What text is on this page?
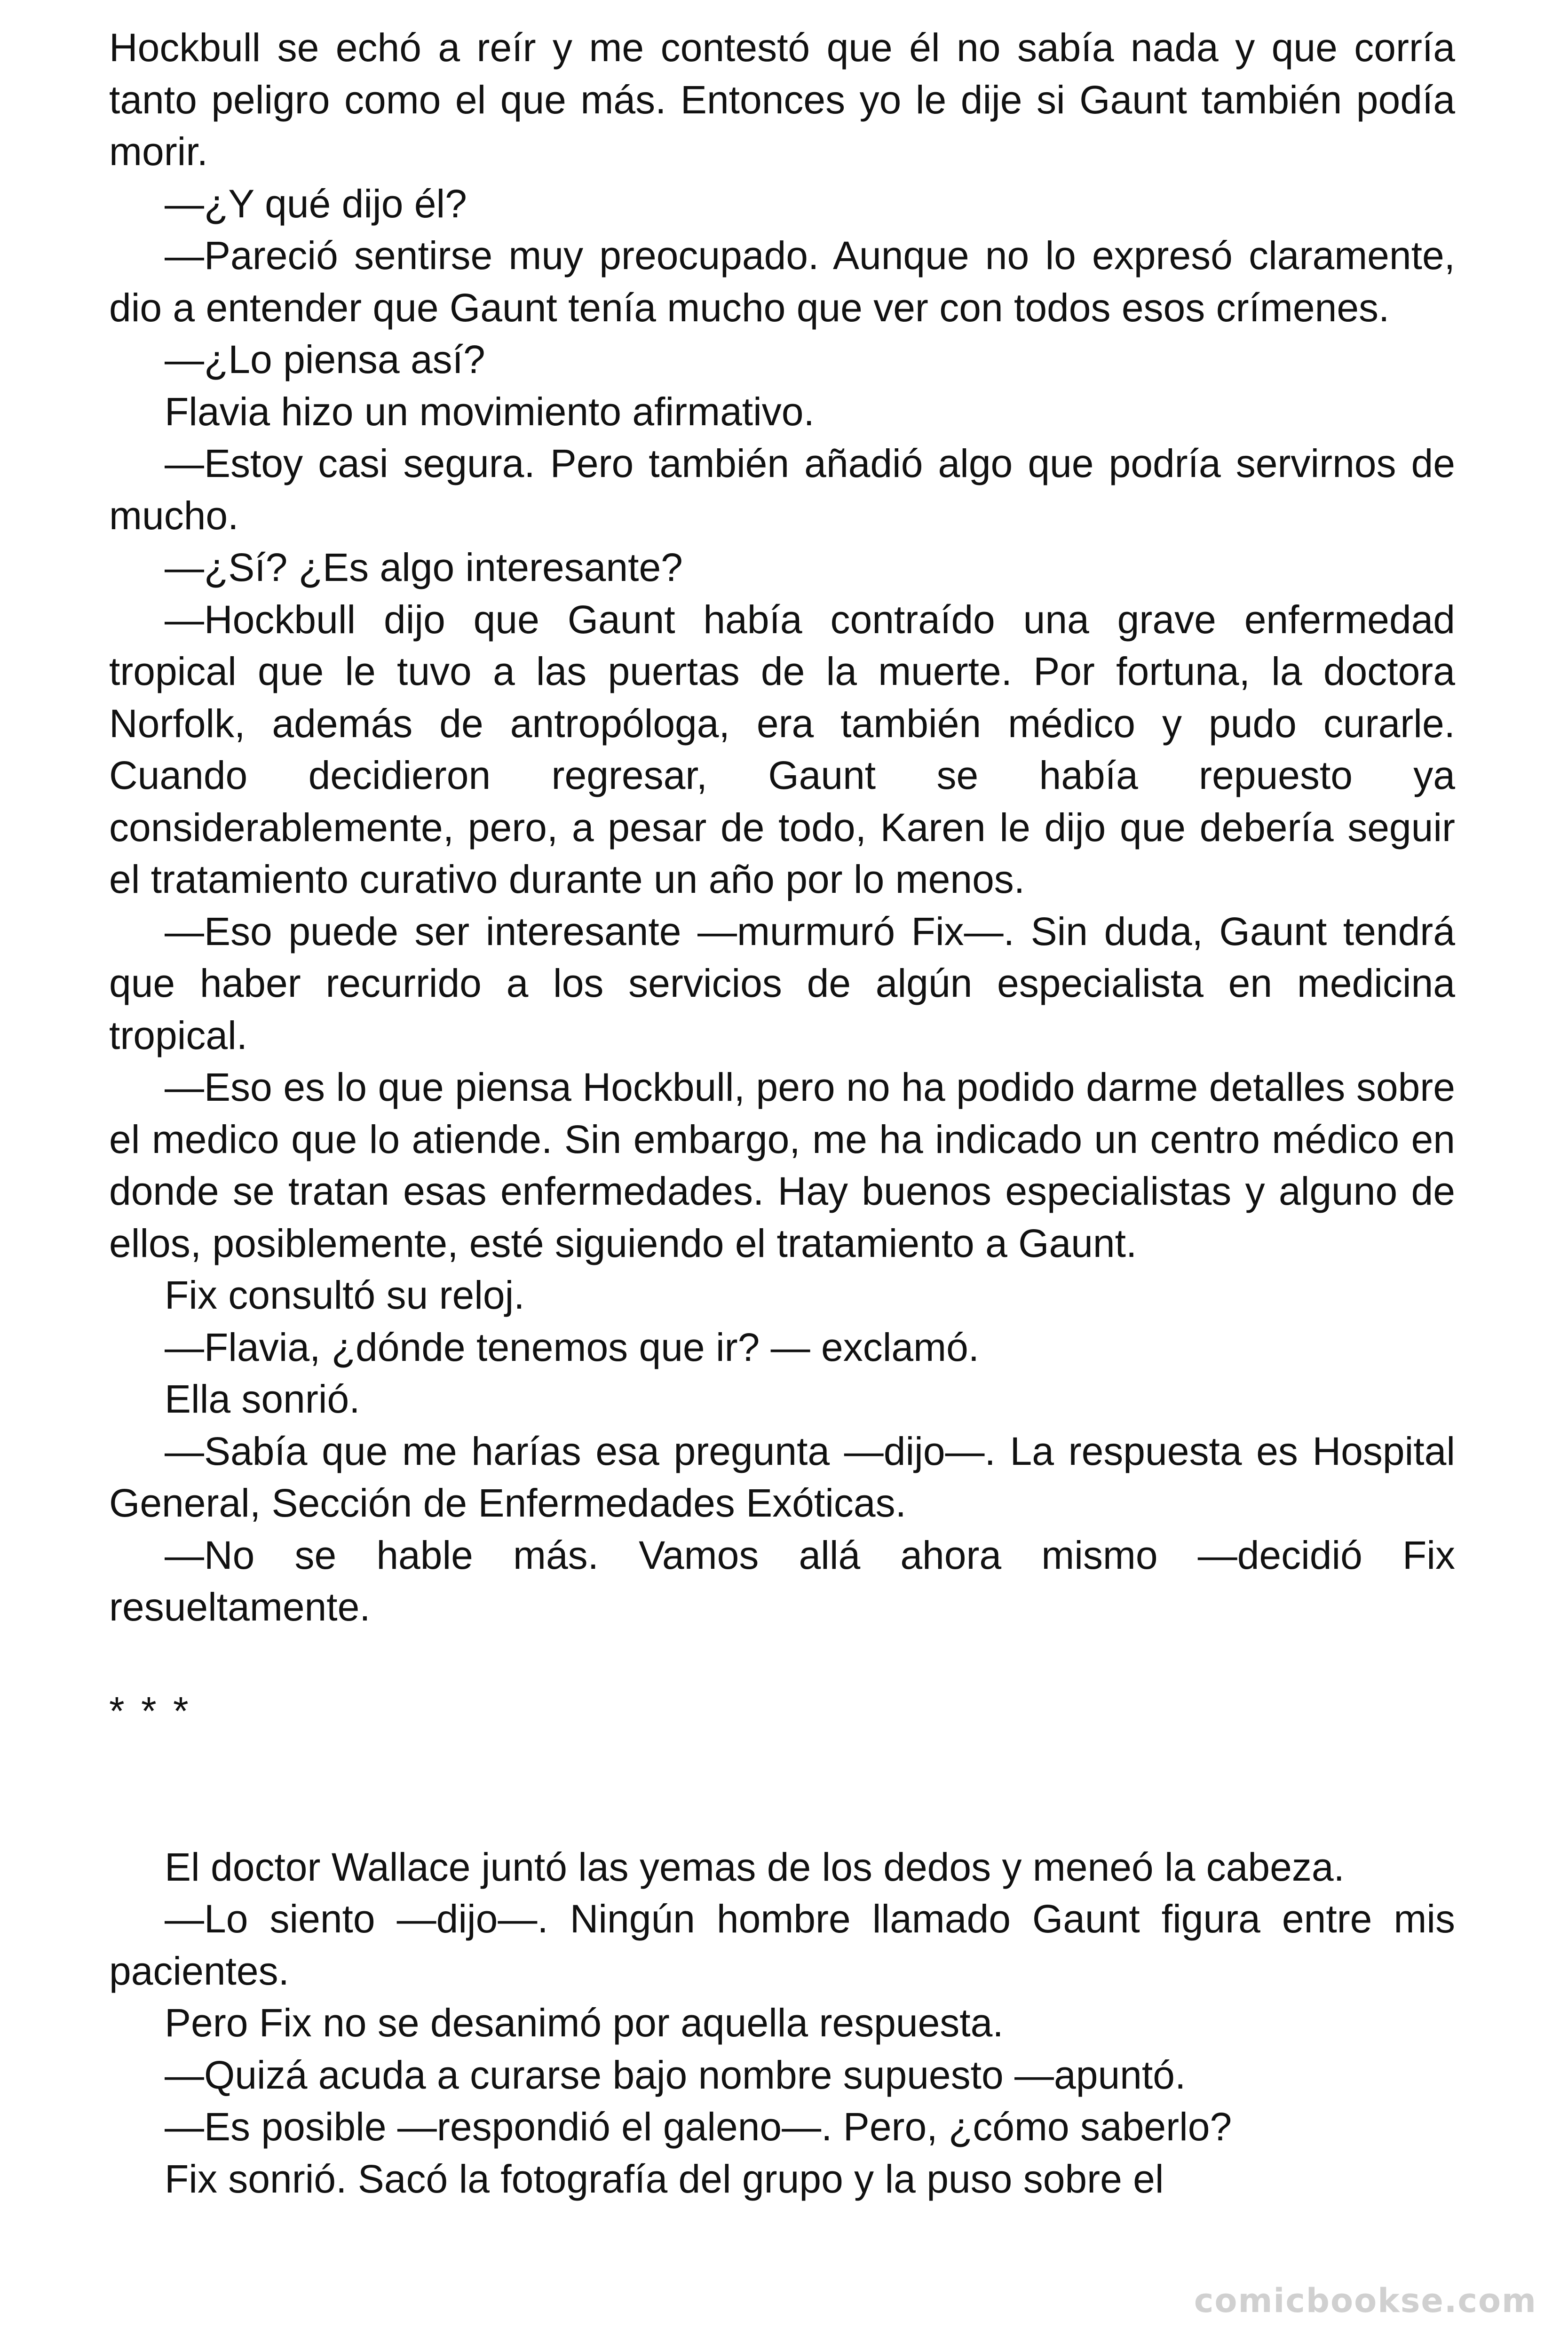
Hockbull se echó a reír y me contestó que él no sabía nada y que corría tanto peligro como el que más. Entonces yo le dije si Gaunt también podía morir.

—¿Y qué dijo él?

—Pareció sentirse muy preocupado. Aunque no lo expresó claramente, dio a entender que Gaunt tenía mucho que ver con todos esos crímenes.

—¿Lo piensa así?

Flavia hizo un movimiento afirmativo.

—Estoy casi segura. Pero también añadió algo que podría servirnos de mucho.

—¿Sí? ¿Es algo interesante?

—Hockbull dijo que Gaunt había contraído una grave enfermedad tropical que le tuvo a las puertas de la muerte. Por fortuna, la doctora Norfolk, además de antropóloga, era también médico y pudo curarle. Cuando decidieron regresar, Gaunt se había repuesto ya considerablemente, pero, a pesar de todo, Karen le dijo que debería seguir el tratamiento curativo durante un año por lo menos.

—Eso puede ser interesante —murmuró Fix—. Sin duda, Gaunt tendrá que haber recurrido a los servicios de algún especialista en medicina tropical.

—Eso es lo que piensa Hockbull, pero no ha podido darme detalles sobre el medico que lo atiende. Sin embargo, me ha indicado un centro médico en donde se tratan esas enfermedades. Hay buenos especialistas y alguno de ellos, posiblemente, esté siguiendo el tratamiento a Gaunt.

Fix consultó su reloj.

—Flavia, ¿dónde tenemos que ir? — exclamó.

Ella sonrió.

—Sabía que me harías esa pregunta —dijo—. La respuesta es Hospital General, Sección de Enfermedades Exóticas.

—No se hable más. Vamos allá ahora mismo —decidió Fix resueltamente.

* * *

El doctor Wallace juntó las yemas de los dedos y meneó la cabeza.

—Lo siento —dijo—. Ningún hombre llamado Gaunt figura entre mis pacientes.

Pero Fix no se desanimó por aquella respuesta.

—Quizá acuda a curarse bajo nombre supuesto —apuntó.

—Es posible —respondió el galeno—. Pero, ¿cómo saberlo?

Fix sonrió. Sacó la fotografía del grupo y la puso sobre el

comicbookse.com
